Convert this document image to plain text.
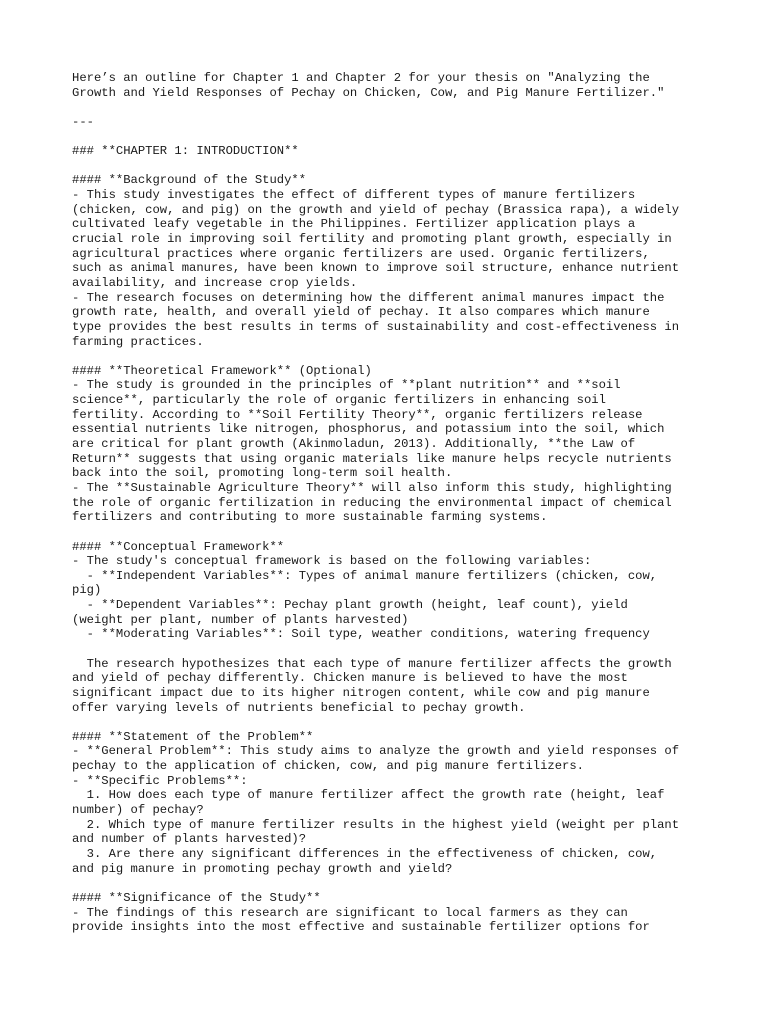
Here’s an outline for Chapter 1 and Chapter 2 for your thesis on "Analyzing the
Growth and Yield Responses of Pechay on Chicken, Cow, and Pig Manure Fertilizer."
---
### **CHAPTER 1: INTRODUCTION**
#### **Background of the Study**
- This study investigates the effect of different types of manure fertilizers
(chicken, cow, and pig) on the growth and yield of pechay (Brassica rapa), a widely
cultivated leafy vegetable in the Philippines. Fertilizer application plays a
crucial role in improving soil fertility and promoting plant growth, especially in
agricultural practices where organic fertilizers are used. Organic fertilizers,
such as animal manures, have been known to improve soil structure, enhance nutrient
availability, and increase crop yields.
- The research focuses on determining how the different animal manures impact the
growth rate, health, and overall yield of pechay. It also compares which manure
type provides the best results in terms of sustainability and cost-effectiveness in
farming practices.
#### **Theoretical Framework** (Optional)
- The study is grounded in the principles of **plant nutrition** and **soil
science**, particularly the role of organic fertilizers in enhancing soil
fertility. According to **Soil Fertility Theory**, organic fertilizers release
essential nutrients like nitrogen, phosphorus, and potassium into the soil, which
are critical for plant growth (Akinmoladun, 2013). Additionally, **the Law of
Return** suggests that using organic materials like manure helps recycle nutrients
back into the soil, promoting long-term soil health.
- The **Sustainable Agriculture Theory** will also inform this study, highlighting
the role of organic fertilization in reducing the environmental impact of chemical
fertilizers and contributing to more sustainable farming systems.
#### **Conceptual Framework**
- The study's conceptual framework is based on the following variables:
- **Independent Variables**: Types of animal manure fertilizers (chicken, cow,
pig)
- **Dependent Variables**: Pechay plant growth (height, leaf count), yield
(weight per plant, number of plants harvested)
- **Moderating Variables**: Soil type, weather conditions, watering frequency
The research hypothesizes that each type of manure fertilizer affects the growth
and yield of pechay differently. Chicken manure is believed to have the most
significant impact due to its higher nitrogen content, while cow and pig manure
offer varying levels of nutrients beneficial to pechay growth.
#### **Statement of the Problem**
- **General Problem**: This study aims to analyze the growth and yield responses of
pechay to the application of chicken, cow, and pig manure fertilizers.
- **Specific Problems**:
1. How does each type of manure fertilizer affect the growth rate (height, leaf
number) of pechay?
2. Which type of manure fertilizer results in the highest yield (weight per plant
and number of plants harvested)?
3. Are there any significant differences in the effectiveness of chicken, cow,
and pig manure in promoting pechay growth and yield?
#### **Significance of the Study**
- The findings of this research are significant to local farmers as they can
provide insights into the most effective and sustainable fertilizer options for
